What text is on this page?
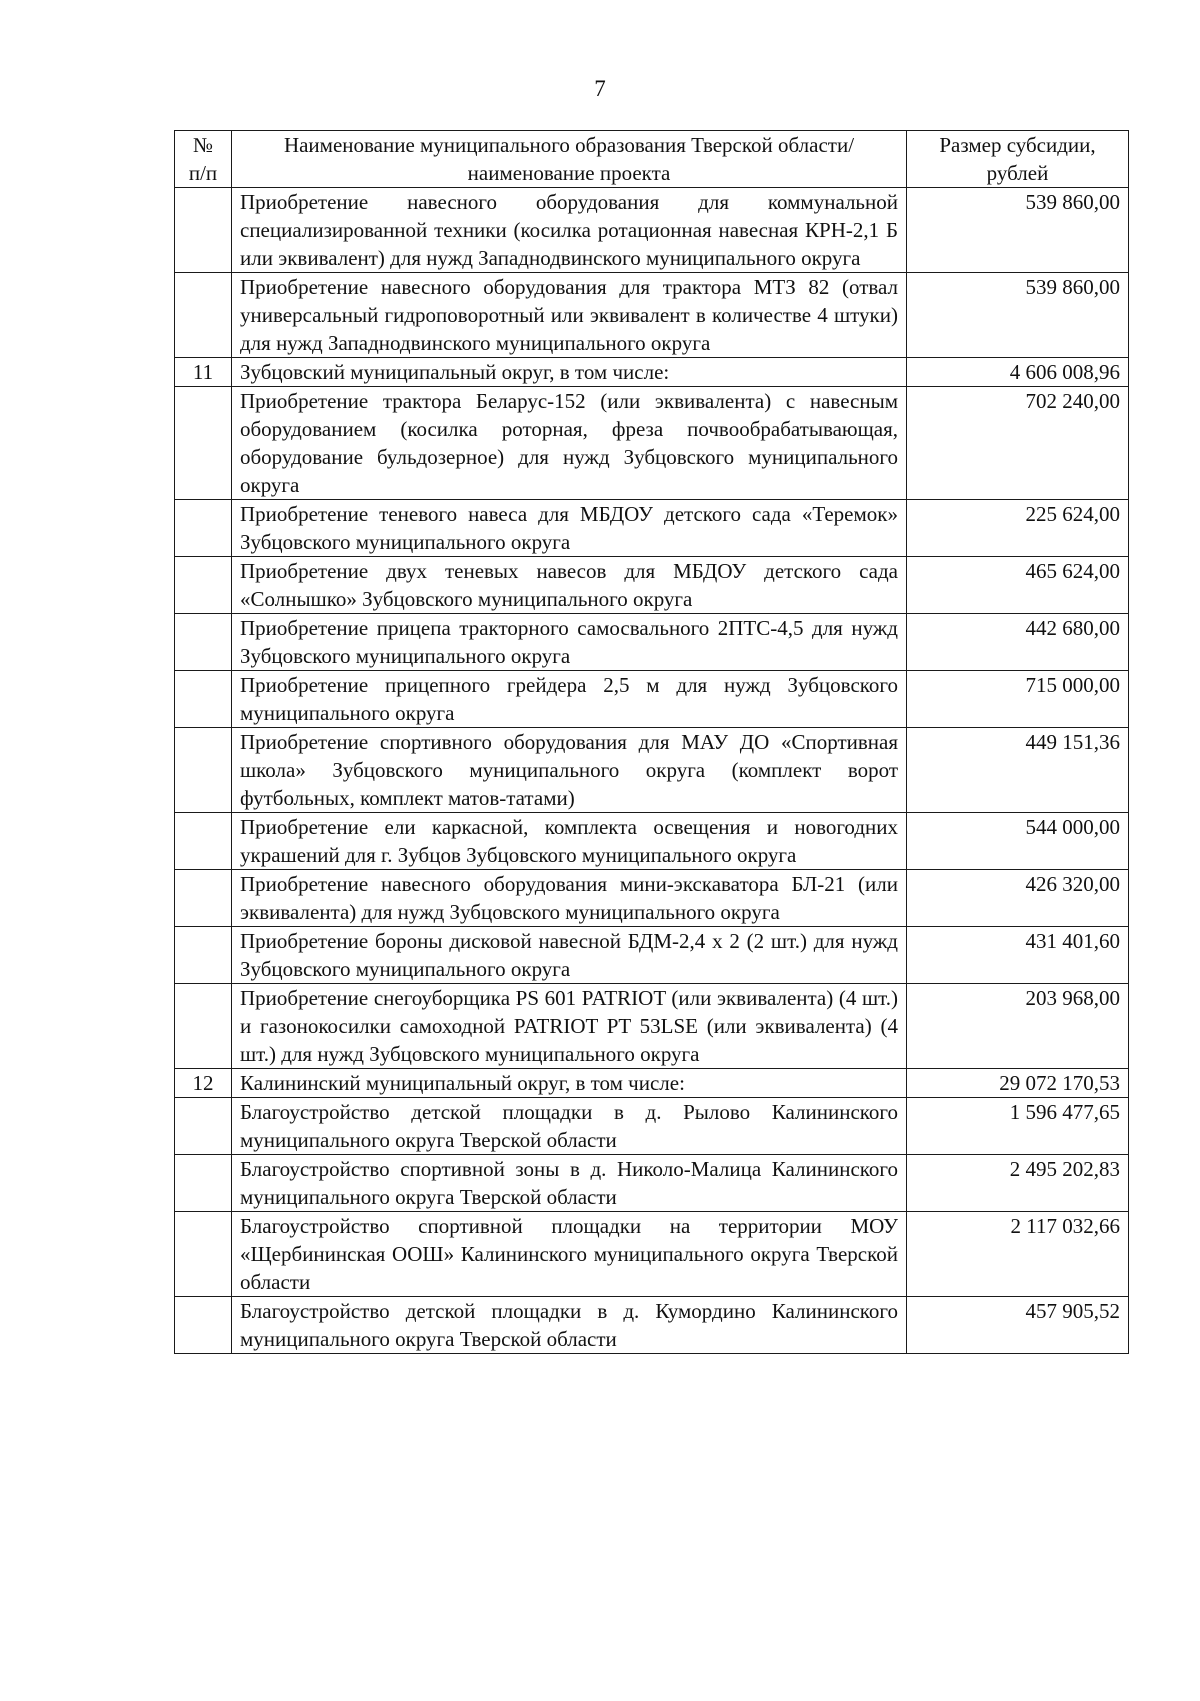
7
№ п/п	Наименование муниципального образования Тверской области/наименование проекта	Размер субсидии, рублей
	Приобретение навесного оборудования для коммунальной специализированной техники (косилка ротационная навесная КРН-2,1 Б или эквивалент) для нужд Западнодвинского муниципального округа	539 860,00
	Приобретение навесного оборудования для трактора МТЗ 82 (отвал универсальный гидроповоротный или эквивалент в количестве 4 штуки) для нужд Западнодвинского муниципального округа	539 860,00
11	Зубцовский муниципальный округ, в том числе:	4 606 008,96
	Приобретение трактора Беларус-152 (или эквивалента) с навесным оборудованием (косилка роторная, фреза почвообрабатывающая, оборудование бульдозерное) для нужд Зубцовского муниципального округа	702 240,00
	Приобретение теневого навеса для МБДОУ детского сада «Теремок» Зубцовского муниципального округа	225 624,00
	Приобретение двух теневых навесов для МБДОУ детского сада «Солнышко» Зубцовского муниципального округа	465 624,00
	Приобретение прицепа тракторного самосвального 2ПТС-4,5 для нужд Зубцовского муниципального округа	442 680,00
	Приобретение прицепного грейдера 2,5 м для нужд Зубцовского муниципального округа	715 000,00
	Приобретение спортивного оборудования для МАУ ДО «Спортивная школа» Зубцовского муниципального округа (комплект ворот футбольных, комплект матов-татами)	449 151,36
	Приобретение ели каркасной, комплекта освещения и новогодних украшений для г. Зубцов Зубцовского муниципального округа	544 000,00
	Приобретение навесного оборудования мини-экскаватора БЛ-21 (или эквивалента) для нужд Зубцовского муниципального округа	426 320,00
	Приобретение бороны дисковой навесной БДМ-2,4 х 2 (2 шт.) для нужд Зубцовского муниципального округа	431 401,60
	Приобретение снегоуборщика PS 601 PATRIOT (или эквивалента) (4 шт.) и газонокосилки самоходной PATRIOT PT 53LSE (или эквивалента) (4 шт.) для нужд Зубцовского муниципального округа	203 968,00
12	Калининский муниципальный округ, в том числе:	29 072 170,53
	Благоустройство детской площадки в д. Рылово Калининского муниципального округа Тверской области	1 596 477,65
	Благоустройство спортивной зоны в д. Николо-Малица Калининского муниципального округа Тверской области	2 495 202,83
	Благоустройство спортивной площадки на территории МОУ «Щербининская ООШ» Калининского муниципального округа Тверской области	2 117 032,66
	Благоустройство детской площадки в д. Кумордино Калининского муниципального округа Тверской области	457 905,52
